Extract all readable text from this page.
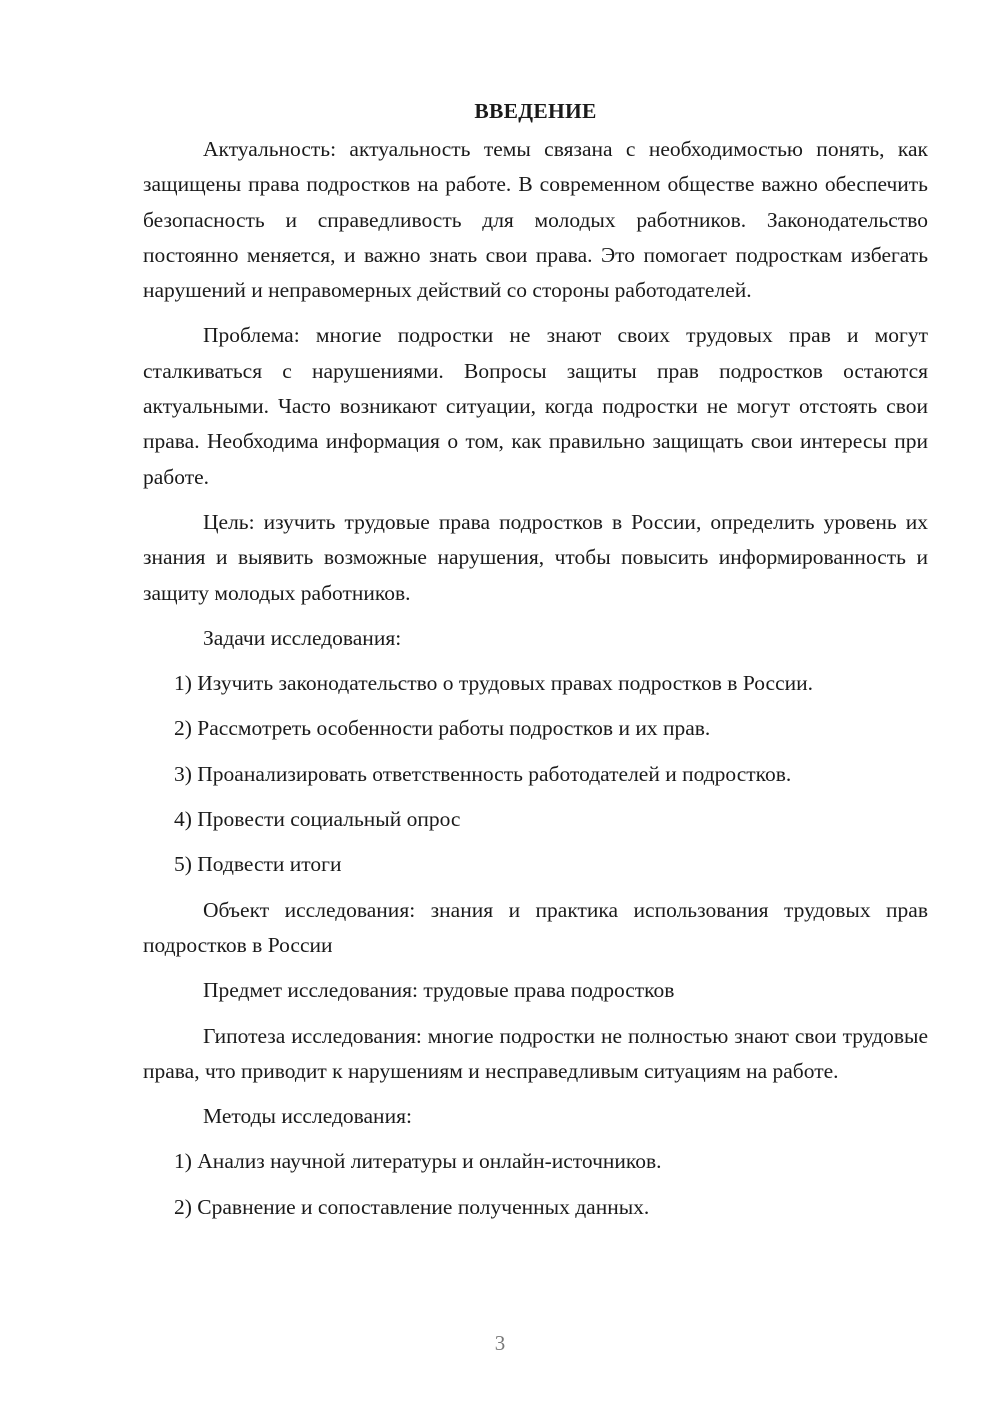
ВВЕДЕНИЕ

Актуальность: актуальность темы связана с необходимостью понять, как защищены права подростков на работе. В современном обществе важно обеспечить безопасность и справедливость для молодых работников. Законодательство постоянно меняется, и важно знать свои права. Это помогает подросткам избегать нарушений и неправомерных действий со стороны работодателей.

Проблема: многие подростки не знают своих трудовых прав и могут сталкиваться с нарушениями. Вопросы защиты прав подростков остаются актуальными. Часто возникают ситуации, когда подростки не могут отстоять свои права. Необходима информация о том, как правильно защищать свои интересы при работе.

Цель: изучить трудовые права подростков в России, определить уровень их знания и выявить возможные нарушения, чтобы повысить информированность и защиту молодых работников.

Задачи исследования:

1) Изучить законодательство о трудовых правах подростков в России.

2) Рассмотреть особенности работы подростков и их прав.

3) Проанализировать ответственность работодателей и подростков.

4) Провести социальный опрос

5) Подвести итоги

Объект исследования: знания и практика использования трудовых прав подростков в России

Предмет исследования: трудовые права подростков

Гипотеза исследования: многие подростки не полностью знают свои трудовые права, что приводит к нарушениям и несправедливым ситуациям на работе.

Методы исследования:

1) Анализ научной литературы и онлайн-источников.

2) Сравнение и сопоставление полученных данных.

3
